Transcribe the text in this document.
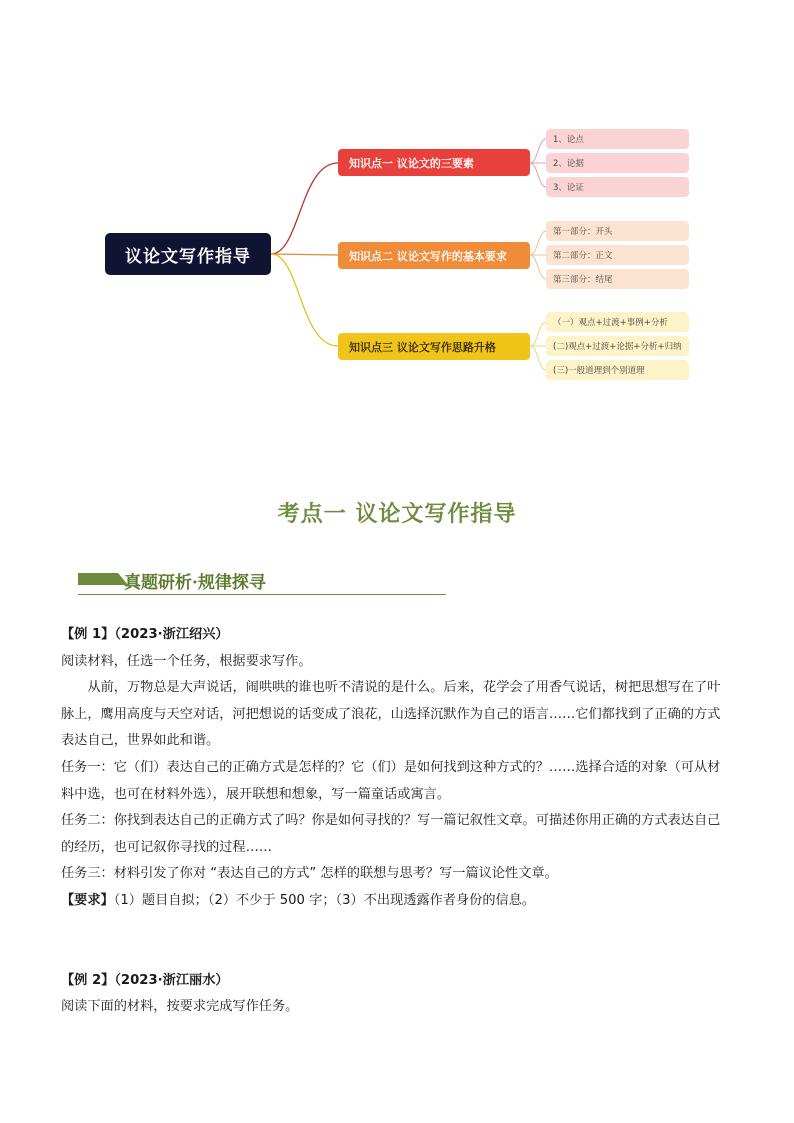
议论文写作指导
知识点一 议论文的三要素
知识点二 议论文写作的基本要求
知识点三 议论文写作思路升格
1、论点
2、论据
3、论证
第一部分：开头
第二部分：正文
第三部分：结尾
（一）观点+过渡+事例+分析
(二)观点+过渡+论据+分析+归纳
(三)一般道理到个别道理
考点一 议论文写作指导
真题研析·规律探寻

【例 1】（2023·浙江绍兴）

阅读材料，任选一个任务，根据要求写作。

从前，万物总是大声说话，闹哄哄的谁也听不清说的是什么。后来，花学会了用香气说话，树把思想写在了叶脉上，鹰用高度与天空对话，河把想说的话变成了浪花，山选择沉默作为自己的语言……它们都找到了正确的方式表达自己，世界如此和谐。

任务一：它（们）表达自己的正确方式是怎样的？它（们）是如何找到这种方式的？……选择合适的对象（可从材料中选，也可在材料外选），展开联想和想象，写一篇童话或寓言。

任务二：你找到表达自己的正确方式了吗？你是如何寻找的？写一篇记叙性文章。可描述你用正确的方式表达自己的经历，也可记叙你寻找的过程……

任务三：材料引发了你对 “表达自己的方式” 怎样的联想与思考？写一篇议论性文章。

【要求】（1）题目自拟；（2）不少于 500 字；（3）不出现透露作者身份的信息。

【例 2】（2023·浙江丽水）

阅读下面的材料，按要求完成写作任务。
